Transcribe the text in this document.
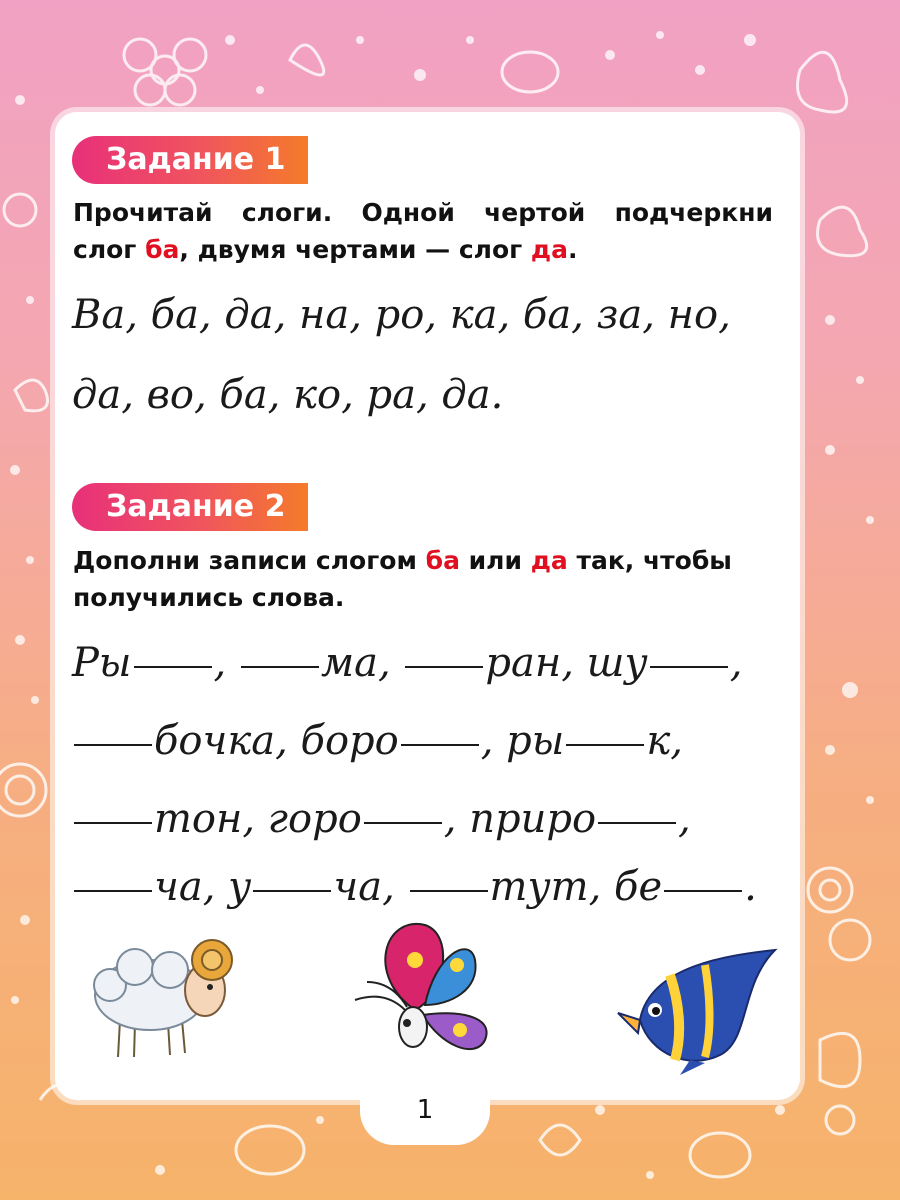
1
Задание 1
Прочитай слоги. Одной чертой подчеркни
слог ба, двумя чертами — слог да.
Ва, ба, да, на, ро, ка, ба, за, но,
да, во, ба, ко, ра, да.
Задание 2
Дополни записи слогом ба или да так, чтобы
получились слова.
Ры , ма, ран, шу ,
бочка, боро , ры к,
тон, горо , приро ,
ча, у ча, тут, бе .
